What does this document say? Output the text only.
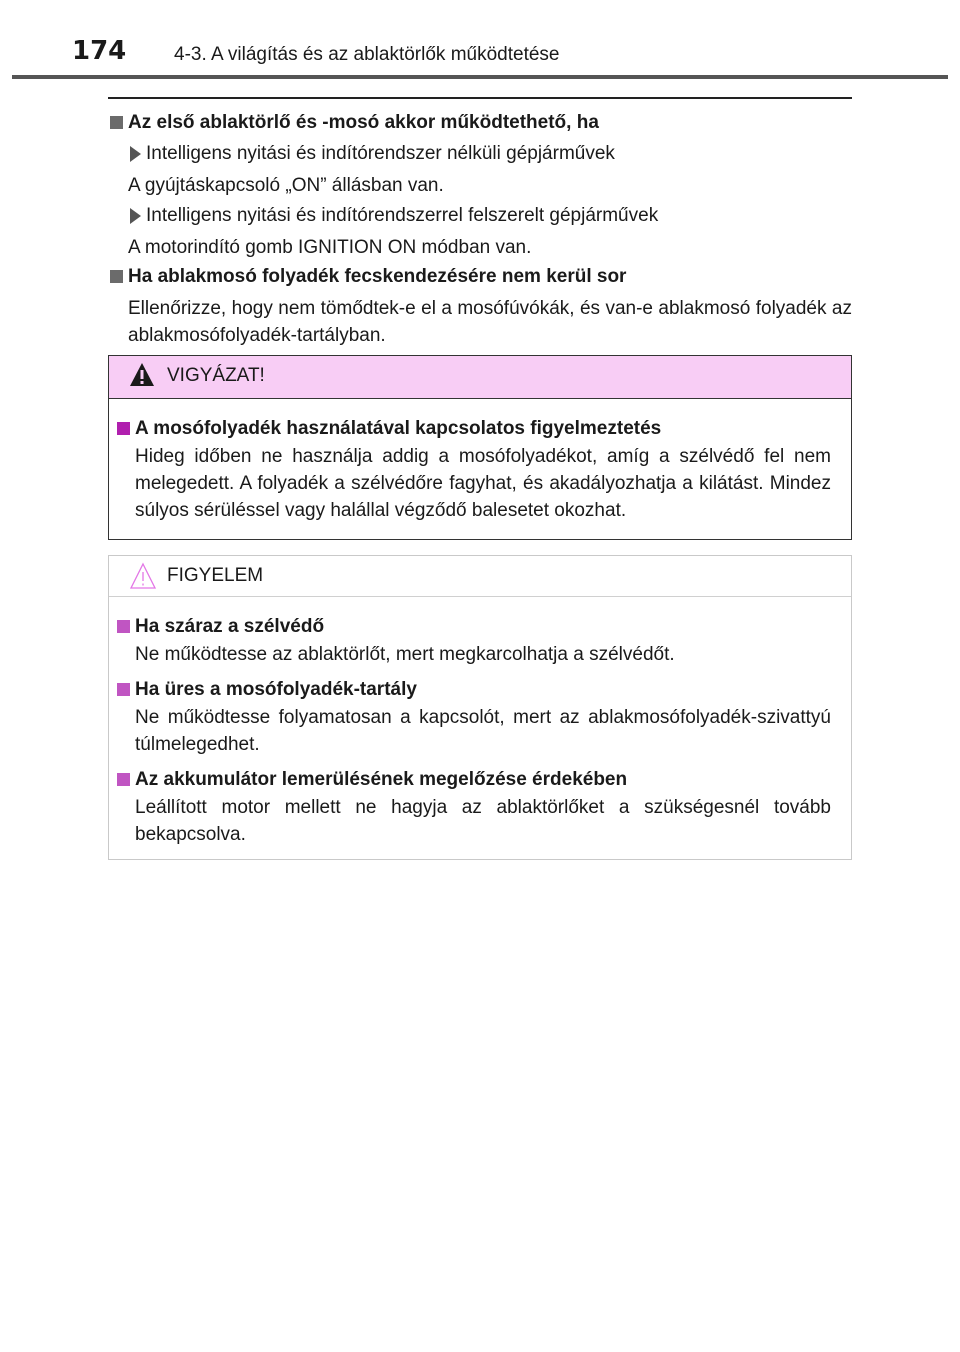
174	4-3. A világítás és az ablaktörlők működtetése
Az első ablaktörlő és -mosó akkor működtethető, ha
Intelligens nyitási és indítórendszer nélküli gépjárművek
A gyújtáskapcsoló „ON” állásban van.
Intelligens nyitási és indítórendszerrel felszerelt gépjárművek
A motorindító gomb IGNITION ON módban van.
Ha ablakmosó folyadék fecskendezésére nem kerül sor
Ellenőrizze, hogy nem tömődtek-e el a mosófúvókák, és van-e ablakmosó folyadék az ablakmosófolyadék-tartályban.
VIGYÁZAT!
A mosófolyadék használatával kapcsolatos figyelmeztetés
Hideg időben ne használja addig a mosófolyadékot, amíg a szélvédő fel nem melegedett. A folyadék a szélvédőre fagyhat, és akadályozhatja a kilátást. Mindez súlyos sérüléssel vagy halállal végződő balesetet okozhat.
FIGYELEM
Ha száraz a szélvédő
Ne működtesse az ablaktörlőt, mert megkarcolhatja a szélvédőt.
Ha üres a mosófolyadék-tartály
Ne működtesse folyamatosan a kapcsolót, mert az ablakmosófolyadék-szivattyú túlmelegedhet.
Az akkumulátor lemerülésének megelőzése érdekében
Leállított motor mellett ne hagyja az ablaktörlőket a szükségesnél tovább bekapcsolva.
